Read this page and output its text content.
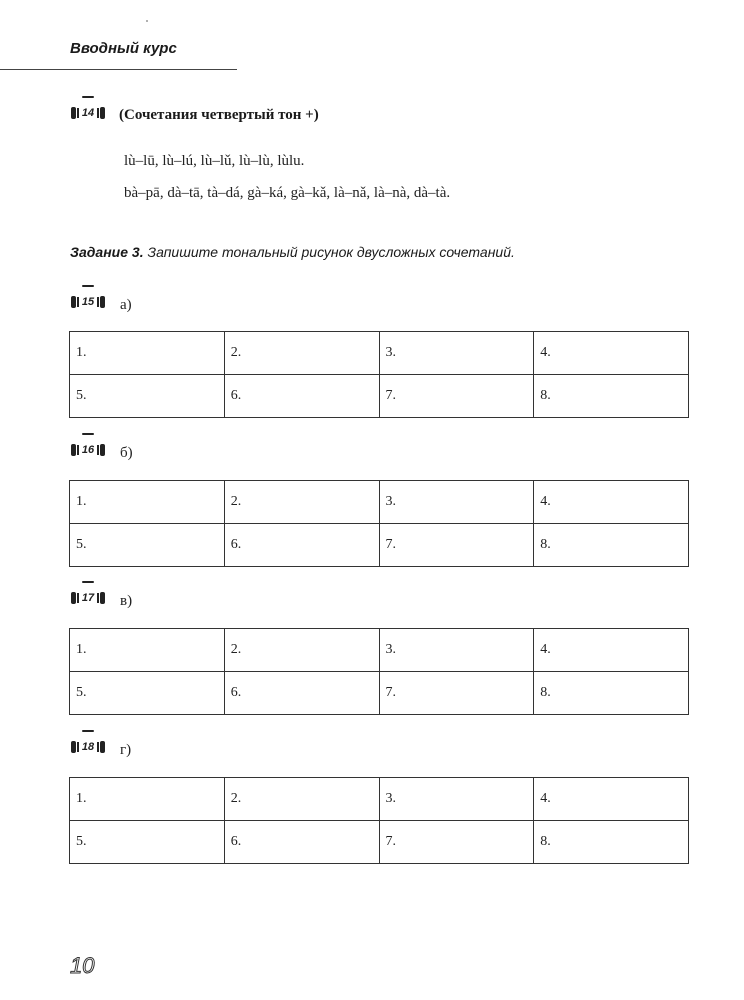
Вводный курс
14 (Сочетания четвертый тон +)
lù–lū, lù–lú, lù–lǔ, lù–lù, lùlu.
bà–pā, dà–tā, tà–dá, gà–ká, gà–kǎ, là–nǎ, là–nà, dà–tà.
Задание 3. Запишите тональный рисунок двусложных сочетаний.
15 а)
1.	2.	3.	4.
5.	6.	7.	8.
16 б)
1.	2.	3.	4.
5.	6.	7.	8.
17 в)
1.	2.	3.	4.
5.	6.	7.	8.
18 г)
1.	2.	3.	4.
5.	6.	7.	8.
10
